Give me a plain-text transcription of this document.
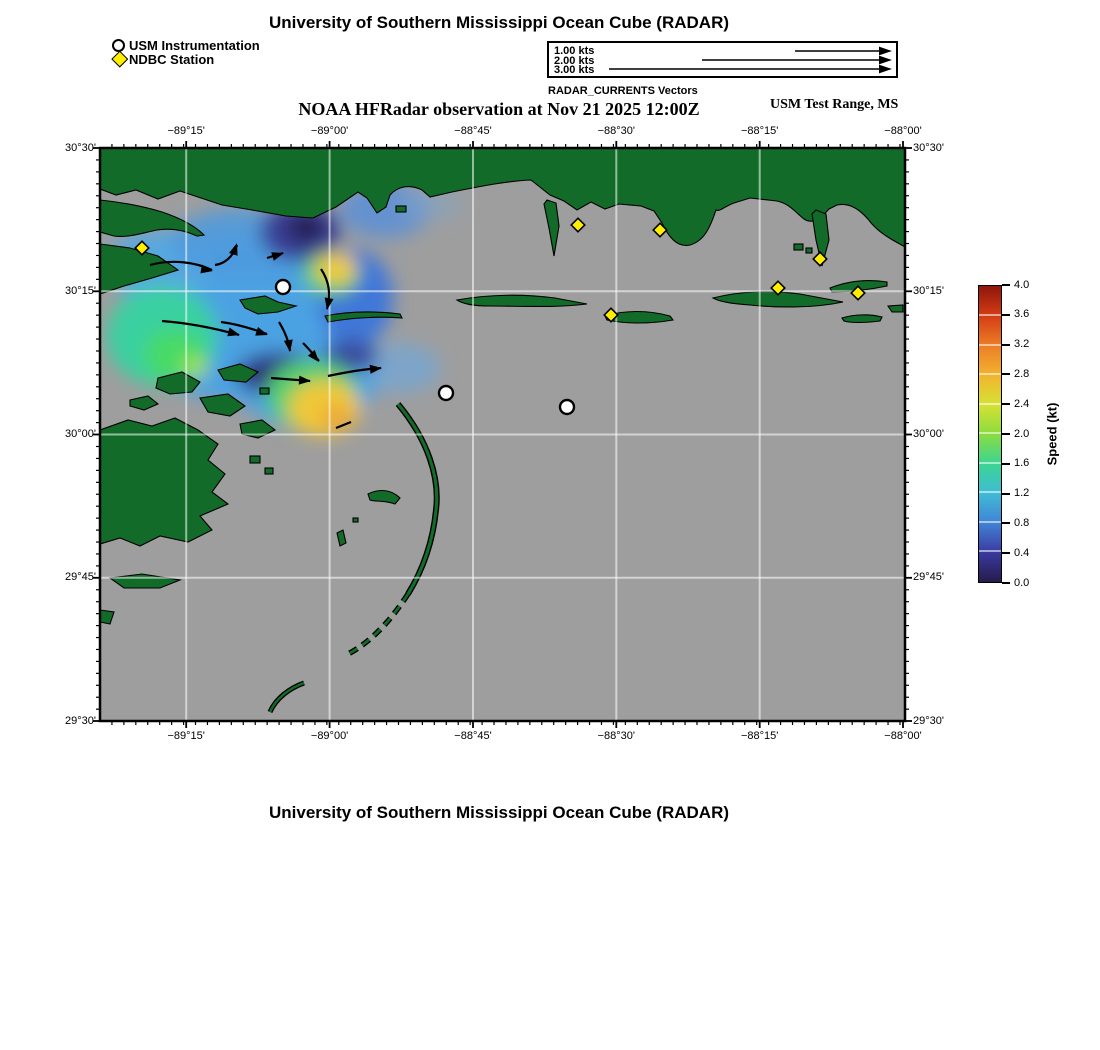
University of Southern Mississippi Ocean Cube (RADAR)
USM Instrumentation
NDBC Station
1.00 kts
2.00 kts
3.00 kts
RADAR_CURRENTS Vectors
NOAA HFRadar observation at Nov 21 2025 12:00Z	USM Test Range, MS
−89°15'
−89°15'
−89°00'
−89°00'
−88°45'
−88°45'
−88°30'
−88°30'
−88°15'
−88°15'
−88°00'
−88°00'
30°30'	30°30'
30°15'	30°15'
30°00'	30°00'
29°45'	29°45'
29°30'	29°30'
0.0
0.4
0.8
1.2
1.6
2.0
2.4
2.8
3.2
3.6
4.0
Speed (kt)
University of Southern Mississippi Ocean Cube (RADAR)
